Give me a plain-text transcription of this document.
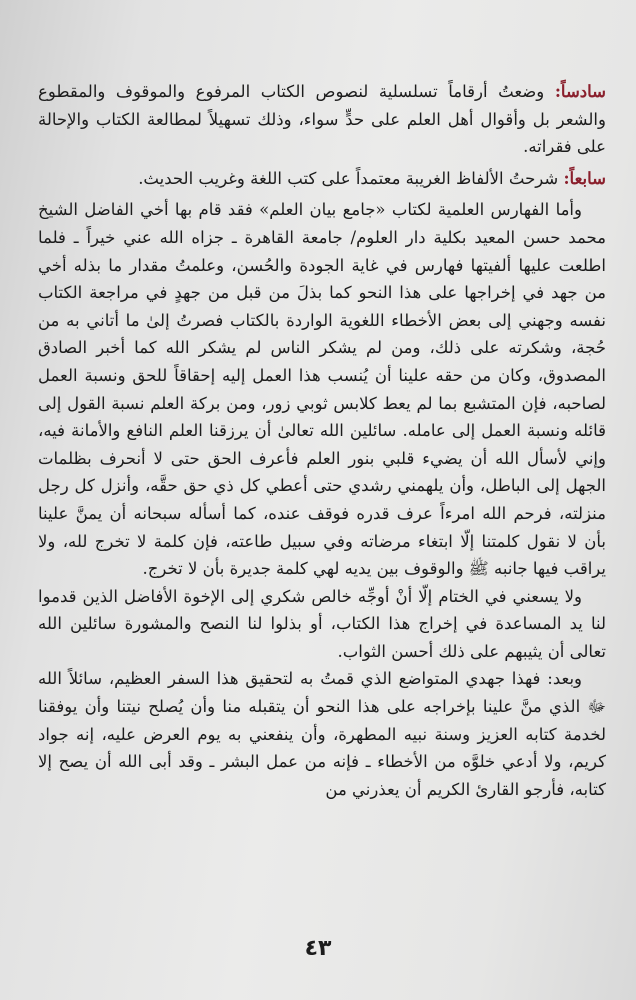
سادساً: وضعتُ أرقاماً تسلسلية لنصوص الكتاب المرفوع والموقوف والمقطوع والشعر بل وأقوال أهل العلم على حدٍّ سواء، وذلك تسهيلاً لمطالعة الكتاب والإحالة على فقراته.

سابعاً: شرحتُ الألفاظ الغريبة معتمداً على كتب اللغة وغريب الحديث.

وأما الفهارس العلمية لكتاب «جامع بيان العلم» فقد قام بها أخي الفاضل الشيخ محمد حسن المعيد بكلية دار العلوم/ جامعة القاهرة ـ جزاه الله عني خيراً ـ فلما اطلعت عليها ألفيتها فهارس في غاية الجودة والحُسن، وعلمتُ مقدار ما بذله أخي من جهد في إخراجها على هذا النحو كما بذلَ من قبل من جهدٍ في مراجعة الكتاب نفسه وجهني إلى بعض الأخطاء اللغوية الواردة بالكتاب فصرتُ إلىٰ ما أتاني به من حُجة، وشكرته على ذلك، ومن لم يشكر الناس لم يشكر الله كما أخبر الصادق المصدوق، وكان من حقه علينا أن يُنسب هذا العمل إليه إحقاقاً للحق ونسبة العمل لصاحبه، فإن المتشبع بما لم يعط كلابس ثوبي زور، ومن بركة العلم نسبة القول إلى قائله ونسبة العمل إلى عامله. سائلين الله تعالىٰ أن يرزقنا العلم النافع والأمانة فيه، وإني لأسأل الله أن يضيء قلبي بنور العلم فأعرف الحق حتى لا أنحرف بظلمات الجهل إلى الباطل، وأن يلهمني رشدي حتى أعطي كل ذي حق حقَّه، وأنزل كل رجل منزلته، فرحم الله امرءاً عرف قدره فوقف عنده، كما أسأله سبحانه أن يمنَّ علينا بأن لا نقول كلمتنا إلّا ابتغاء مرضاته وفي سبيل طاعته، فإن كلمة لا تخرج لله، ولا يراقب فيها جانبه ﷺ والوقوف بين يديه لهي كلمة جديرة بأن لا تخرج.

ولا يسعني في الختام إلّا أنْ أوجِّه خالص شكري إلى الإخوة الأفاضل الذين قدموا لنا يد المساعدة في إخراج هذا الكتاب، أو بذلوا لنا النصح والمشورة سائلين الله تعالى أن يثيبهم على ذلك أحسن الثواب.

وبعد: فهذا جهدي المتواضع الذي قمتُ به لتحقيق هذا السفر العظيم، سائلاً الله ﷻ الذي منَّ علينا بإخراجه على هذا النحو أن يتقبله منا وأن يُصلح نيتنا وأن يوفقنا لخدمة كتابه العزيز وسنة نبيه المطهرة، وأن ينفعني به يوم العرض عليه، إنه جواد كريم، ولا أدعي خلوَّه من الأخطاء ـ فإنه من عمل البشر ـ وقد أبى الله أن يصح إلا كتابه، فأرجو القارئ الكريم أن يعذرني من

٤٣
